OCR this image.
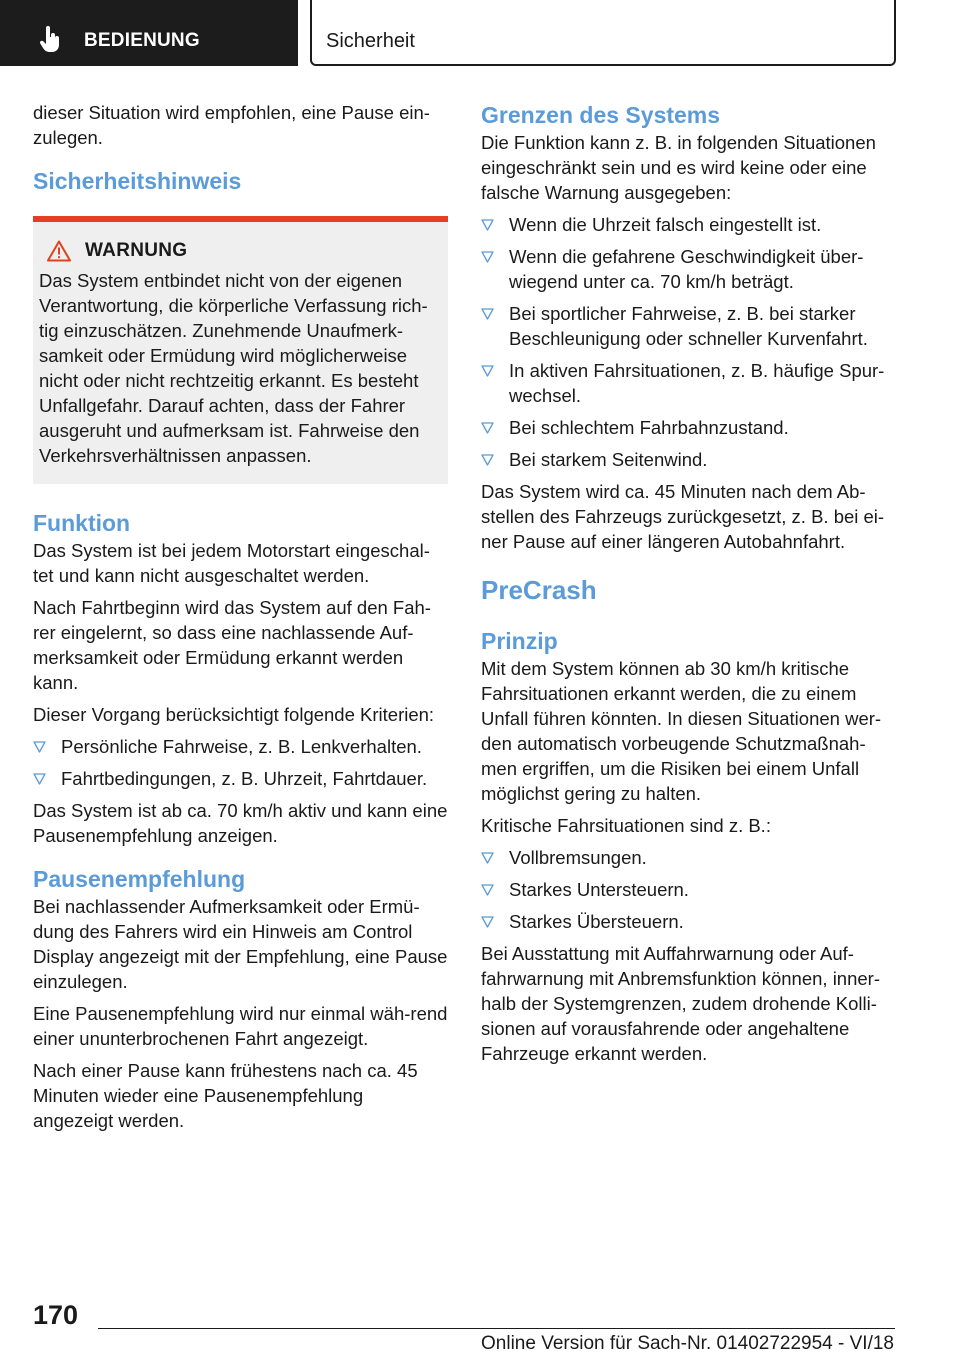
BEDIENUNG	Sicherheit

dieser Situation wird empfohlen, eine Pause ein-zulegen.

Sicherheitshinweis
WARNUNG

Das System entbindet nicht von der eigenen Verantwortung, die körperliche Verfassung rich-tig einzuschätzen. Zunehmende Unaufmerk-samkeit oder Ermüdung wird möglicherweise nicht oder nicht rechtzeitig erkannt. Es besteht Unfallgefahr. Darauf achten, dass der Fahrer ausgeruht und aufmerksam ist. Fahrweise den Verkehrsverhältnissen anpassen.

Funktion

Das System ist bei jedem Motorstart eingeschal-tet und kann nicht ausgeschaltet werden.

Nach Fahrtbeginn wird das System auf den Fah-rer eingelernt, so dass eine nachlassende Auf-merksamkeit oder Ermüdung erkannt werden kann.

Dieser Vorgang berücksichtigt folgende Kriterien:

Persönliche Fahrweise, z. B. Lenkverhalten.
Fahrtbedingungen, z. B. Uhrzeit, Fahrtdauer.

Das System ist ab ca. 70 km/h aktiv und kann eine Pausenempfehlung anzeigen.

Pausenempfehlung

Bei nachlassender Aufmerksamkeit oder Ermü-dung des Fahrers wird ein Hinweis am Control Display angezeigt mit der Empfehlung, eine Pause einzulegen.

Eine Pausenempfehlung wird nur einmal wäh-rend einer ununterbrochenen Fahrt angezeigt.

Nach einer Pause kann frühestens nach ca. 45 Minuten wieder eine Pausenempfehlung angezeigt werden.

Grenzen des Systems

Die Funktion kann z. B. in folgenden Situationen eingeschränkt sein und es wird keine oder eine falsche Warnung ausgegeben:

Wenn die Uhrzeit falsch eingestellt ist.
Wenn die gefahrene Geschwindigkeit über-wiegend unter ca. 70 km/h beträgt.
Bei sportlicher Fahrweise, z. B. bei starker Beschleunigung oder schneller Kurvenfahrt.
In aktiven Fahrsituationen, z. B. häufige Spur-wechsel.
Bei schlechtem Fahrbahnzustand.
Bei starkem Seitenwind.

Das System wird ca. 45 Minuten nach dem Ab-stellen des Fahrzeugs zurückgesetzt, z. B. bei ei-ner Pause auf einer längeren Autobahnfahrt.

PreCrash
Prinzip

Mit dem System können ab 30 km/h kritische Fahrsituationen erkannt werden, die zu einem Unfall führen könnten. In diesen Situationen wer-den automatisch vorbeugende Schutzmaßnah-men ergriffen, um die Risiken bei einem Unfall möglichst gering zu halten.

Kritische Fahrsituationen sind z. B.:

Vollbremsungen.
Starkes Untersteuern.
Starkes Übersteuern.

Bei Ausstattung mit Auffahrwarnung oder Auf-fahrwarnung mit Anbremsfunktion können, inner-halb der Systemgrenzen, zudem drohende Kolli-sionen auf vorausfahrende oder angehaltene Fahrzeuge erkannt werden.

170
Online Version für Sach-Nr. 01402722954 - VI/18
